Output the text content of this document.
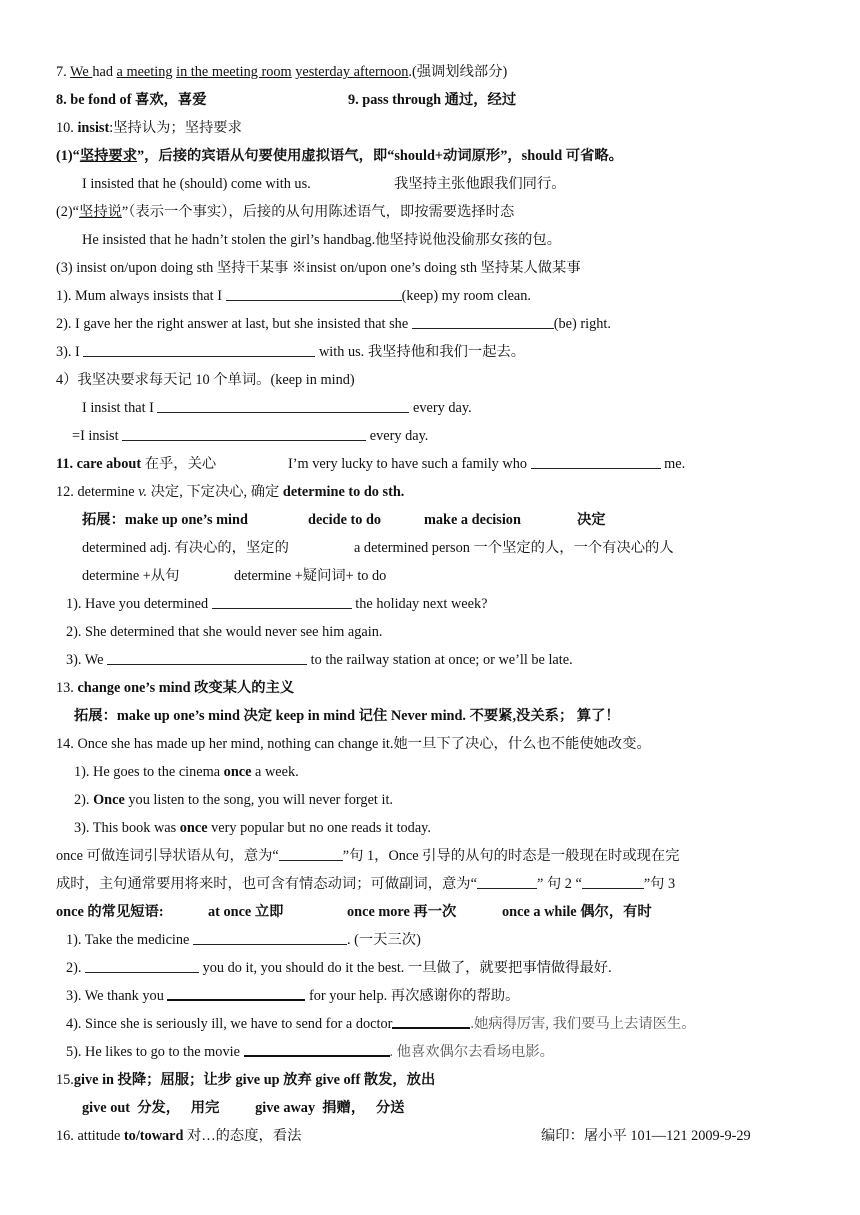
7. We had a meeting in the meeting room yesterday afternoon.(强调划线部分)
8. be fond of 喜欢，喜爱	9. pass through 通过，经过
10. insist:坚持认为；坚持要求
(1)“坚持要求”，后接的宾语从句要使用虚拟语气，即“should+动词原形”，should 可省略。
I insisted that he (should) come with us.	我坚持主张他跟我们同行。
(2)“坚持说”（表示一个事实），后接的从句用陈述语气，即按需要选择时态
He insisted that he hadn’t stolen the girl’s handbag.他坚持说他没偷那女孩的包。
(3) insist on/upon doing sth 坚持干某事 ※insist on/upon one’s doing sth 坚持某人做某事
1). Mum always insists that I	(keep) my room clean.
2). I gave her the right answer at last, but she insisted that she	(be) right.
3). I	with us. 我坚持他和我们一起去。
4）我坚决要求每天记 10 个单词。(keep in mind)
I insist that I	every day.
=I insist	every day.
11. care about 在乎，关心	I’m very lucky to have such a family who	me.
12. determine v. 决定, 下定决心, 确定 determine to do sth.
拓展：make up one’s mind	decide to do	make a decision	决定
determined adj. 有决心的，坚定的	a determined person 一个坚定的人，一个有决心的人
determine +从句	determine +疑问词+ to do
1). Have you determined	the holiday next week?
2). She determined that she would never see him again.
3). We	to the railway station at once; or we’ll be late.
13. change one’s mind 改变某人的主义
拓展：make up one’s mind 决定 keep in mind 记住 Never mind. 不要紧,没关系； 算了！
14. Once she has made up her mind, nothing can change it.她一旦下了决心，什么也不能使她改变。
1). He goes to the cinema once a week.
2). Once you listen to the song, you will never forget it.
3). This book was once very popular but no one reads it today.
once 可做连词引导状语从句，意为“	”句 1，Once 引导的从句的时态是一般现在时或现在完
成时，主句通常要用将来时，也可含有情态动词；可做副词，意为“	” 句 2 “	”句 3
once 的常见短语:	at once 立即	once more 再一次	once a while 偶尔，有时
1). Take the medicine	. (一天三次)
2).	you do it, you should do it the best. 一旦做了，就要把事情做得最好.
3). We thank you	for your help. 再次感谢你的帮助。
4). Since she is seriously ill, we have to send for a doctor	.她病得厉害, 我们要马上去请医生。
5). He likes to go to the movie	. 他喜欢偶尔去看场电影。
15.give in 投降；屈服；让步 give up 放弃 give off 散发，放出
give out  分发，   用完          give away  捐赠，   分送
16. attitude to/toward 对…的态度，看法	编印：屠小平 101—121 2009-9-29
